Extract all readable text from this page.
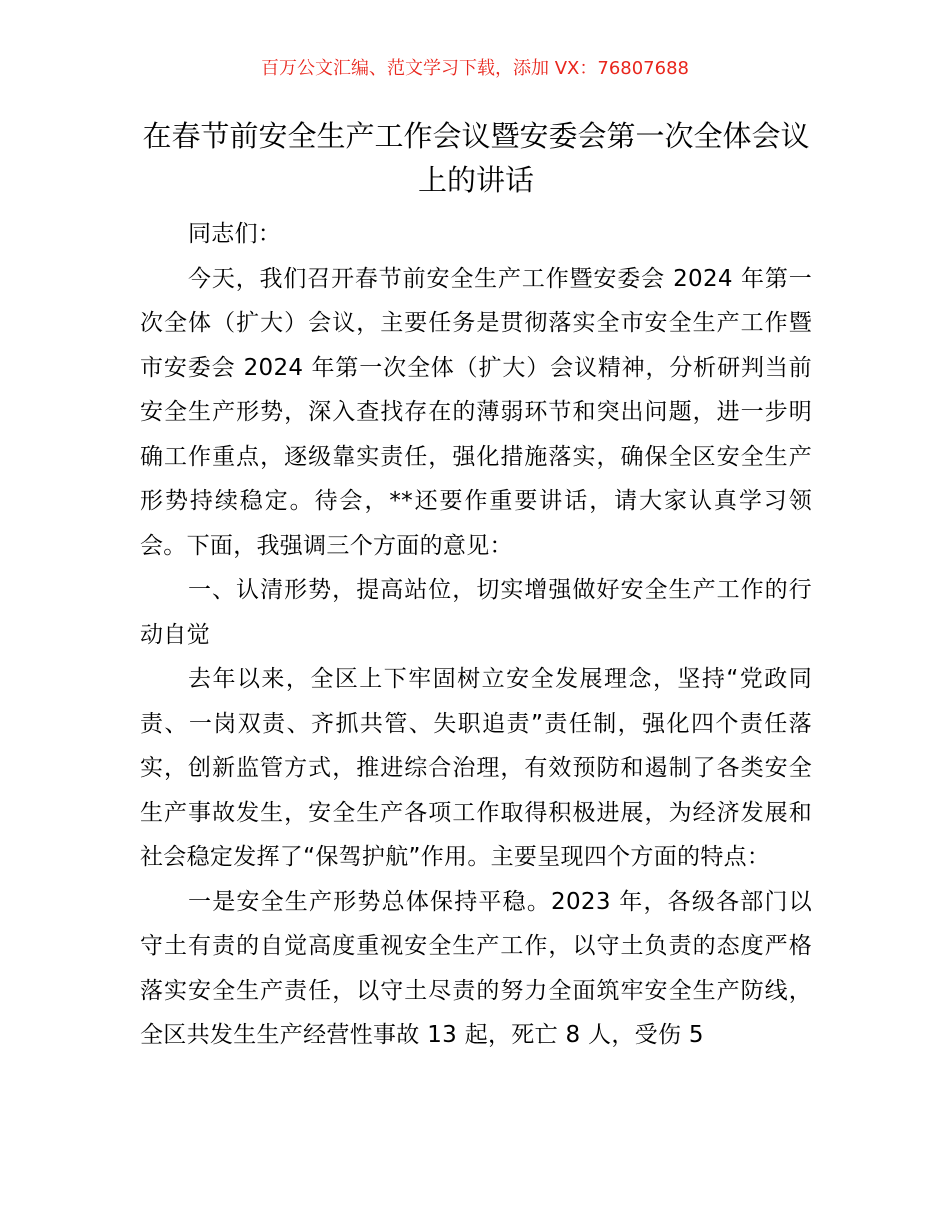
百万公文汇编、范文学习下载，添加 VX：76807688
在春节前安全生产工作会议暨安委会第一次全体会议上的讲话

同志们：

今天，我们召开春节前安全生产工作暨安委会 2024 年第一次全体（扩大）会议，主要任务是贯彻落实全市安全生产工作暨市安委会 2024 年第一次全体（扩大）会议精神，分析研判当前安全生产形势，深入查找存在的薄弱环节和突出问题，进一步明确工作重点，逐级靠实责任，强化措施落实，确保全区安全生产形势持续稳定。待会，**还要作重要讲话，请大家认真学习领会。下面，我强调三个方面的意见：

一、认清形势，提高站位，切实增强做好安全生产工作的行动自觉

去年以来，全区上下牢固树立安全发展理念，坚持“党政同责、一岗双责、齐抓共管、失职追责”责任制，强化四个责任落实，创新监管方式，推进综合治理，有效预防和遏制了各类安全生产事故发生，安全生产各项工作取得积极进展，为经济发展和社会稳定发挥了“保驾护航”作用。主要呈现四个方面的特点：

一是安全生产形势总体保持平稳。2023 年，各级各部门以守土有责的自觉高度重视安全生产工作，以守土负责的态度严格落实安全生产责任，以守土尽责的努力全面筑牢安全生产防线，全区共发生生产经营性事故 13 起，死亡 8 人，受伤 5
